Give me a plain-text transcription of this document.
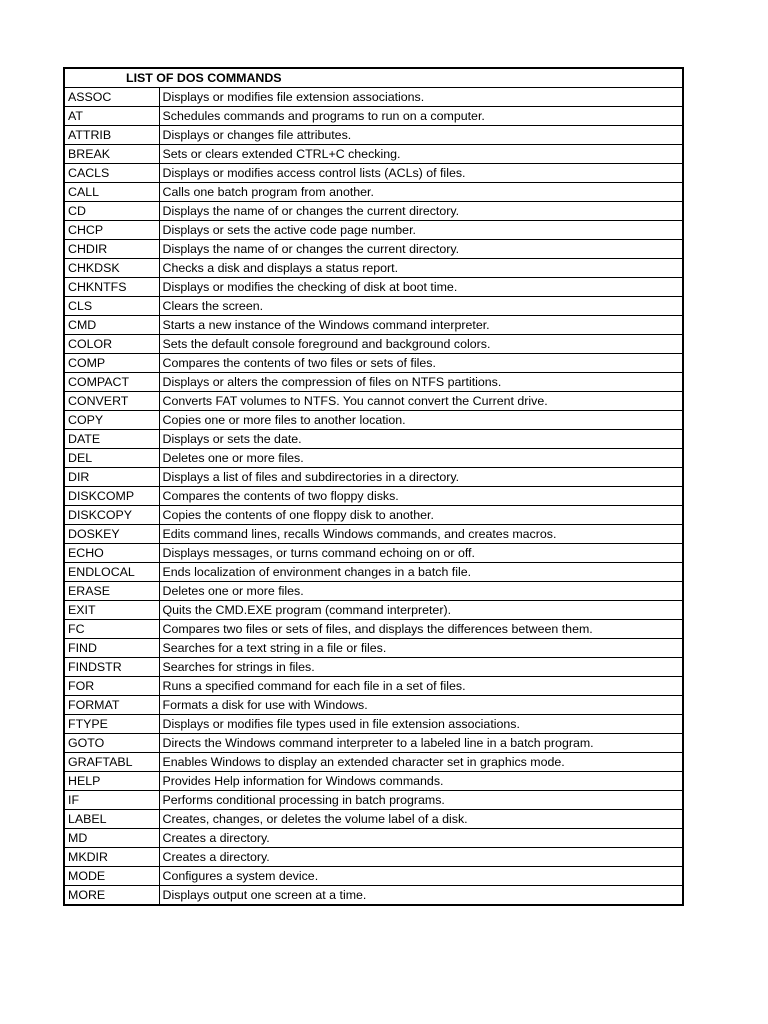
LIST OF DOS COMMANDS	
ASSOC	Displays or modifies file extension associations.
AT	Schedules commands and programs to run on a computer.
ATTRIB	Displays or changes file attributes.
BREAK	Sets or clears extended CTRL+C checking.
CACLS	Displays or modifies access control lists (ACLs) of files.
CALL	Calls one batch program from another.
CD	Displays the name of or changes the current directory.
CHCP	Displays or sets the active code page number.
CHDIR	Displays the name of or changes the current directory.
CHKDSK	Checks a disk and displays a status report.
CHKNTFS	Displays or modifies the checking of disk at boot time.
CLS	Clears the screen.
CMD	Starts a new instance of the Windows command interpreter.
COLOR	Sets the default console foreground and background colors.
COMP	Compares the contents of two files or sets of files.
COMPACT	Displays or alters the compression of files on NTFS partitions.
CONVERT	Converts FAT volumes to NTFS. You cannot convert the Current drive.
COPY	Copies one or more files to another location.
DATE	Displays or sets the date.
DEL	Deletes one or more files.
DIR	Displays a list of files and subdirectories in a directory.
DISKCOMP	Compares the contents of two floppy disks.
DISKCOPY	Copies the contents of one floppy disk to another.
DOSKEY	Edits command lines, recalls Windows commands, and creates macros.
ECHO	Displays messages, or turns command echoing on or off.
ENDLOCAL	Ends localization of environment changes in a batch file.
ERASE	Deletes one or more files.
EXIT	Quits the CMD.EXE program (command interpreter).
FC	Compares two files or sets of files, and displays the differences between them.
FIND	Searches for a text string in a file or files.
FINDSTR	Searches for strings in files.
FOR	Runs a specified command for each file in a set of files.
FORMAT	Formats a disk for use with Windows.
FTYPE	Displays or modifies file types used in file extension associations.
GOTO	Directs the Windows command interpreter to a labeled line in a batch program.
GRAFTABL	Enables Windows to display an extended character set in graphics mode.
HELP	Provides Help information for Windows commands.
IF	Performs conditional processing in batch programs.
LABEL	Creates, changes, or deletes the volume label of a disk.
MD	Creates a directory.
MKDIR	Creates a directory.
MODE	Configures a system device.
MORE	Displays output one screen at a time.
